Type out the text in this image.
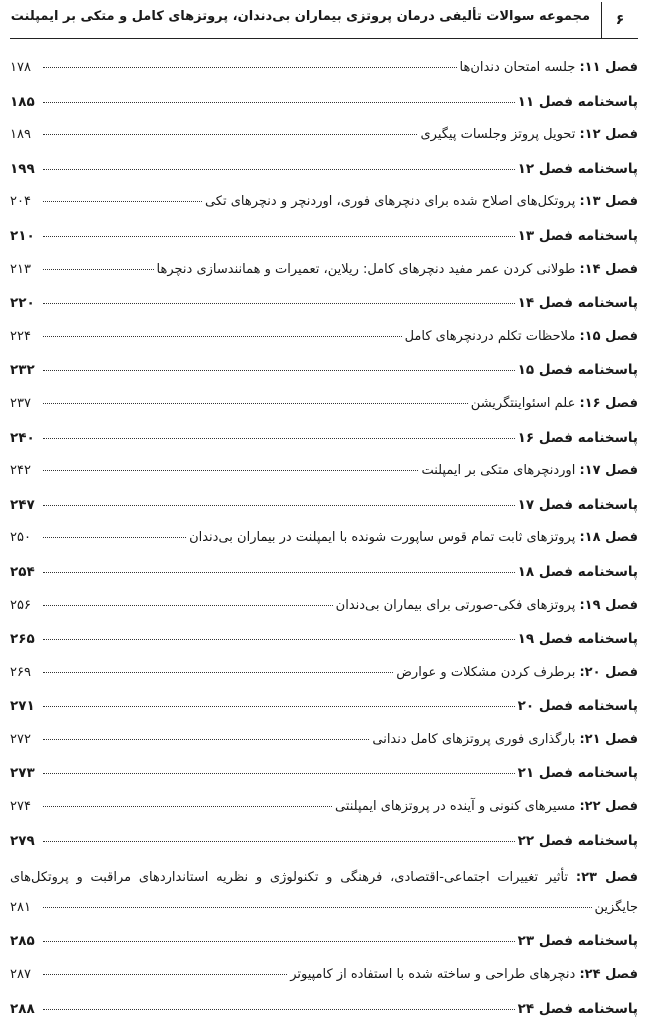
۶
مجموعه سوالات تألیفی درمان پروتزی بیماران بی‌دندان، پروتزهای کامل و متکی بر ایمپلنت
فصل ۱۱:

جلسه امتحان دندان‌ها
۱۷۸
پاسخنامه فصل ۱۱
۱۸۵
فصل ۱۲:

تحویل پروتز وجلسات پیگیری
۱۸۹
پاسخنامه فصل ۱۲
۱۹۹
فصل ۱۳:

پروتکل‌های اصلاح شده برای دنچرهای فوری، اوردنچر و دنچرهای تکی
۲۰۴
پاسخنامه فصل ۱۳
۲۱۰
فصل ۱۴:

طولانی کردن عمر مفید دنچرهای کامل: ریلاین، تعمیرات و همانندسازی دنچرها
۲۱۳
پاسخنامه فصل ۱۴
۲۲۰
فصل ۱۵:

ملاحظات تکلم دردنچرهای کامل
۲۲۴
پاسخنامه فصل ۱۵
۲۳۲
فصل ۱۶:

علم اسئواینتگریشن
۲۳۷
پاسخنامه فصل ۱۶
۲۴۰
فصل ۱۷:

اوردنچرهای متکی بر ایمپلنت
۲۴۲
پاسخنامه فصل ۱۷
۲۴۷
فصل ۱۸:

پروتزهای ثابت تمام قوس ساپورت شونده با ایمپلنت در بیماران بی‌دندان
۲۵۰
پاسخنامه فصل ۱۸
۲۵۴
فصل ۱۹:

پروتزهای فکی-صورتی برای بیماران بی‌دندان
۲۵۶
پاسخنامه فصل ۱۹
۲۶۵
فصل ۲۰:

برطرف کردن مشکلات و عوارض
۲۶۹
پاسخنامه فصل ۲۰
۲۷۱
فصل ۲۱:

بارگذاری فوری پروتزهای کامل دندانی
۲۷۲
پاسخنامه فصل ۲۱
۲۷۳
فصل ۲۲:

مسیرهای کنونی و آینده در پروتزهای ایمپلنتی
۲۷۴
پاسخنامه فصل ۲۲
۲۷۹
فصل ۲۳: تأثیر تغییرات اجتماعی-اقتصادی، فرهنگی و تکنولوژی و نظریه استانداردهای مراقبت و پروتکل‌های
جایگزین
۲۸۱
پاسخنامه فصل ۲۳
۲۸۵
فصل ۲۴:

دنچرهای طراحی و ساخته شده با استفاده از کامپیوتر
۲۸۷
پاسخنامه فصل ۲۴
۲۸۸
